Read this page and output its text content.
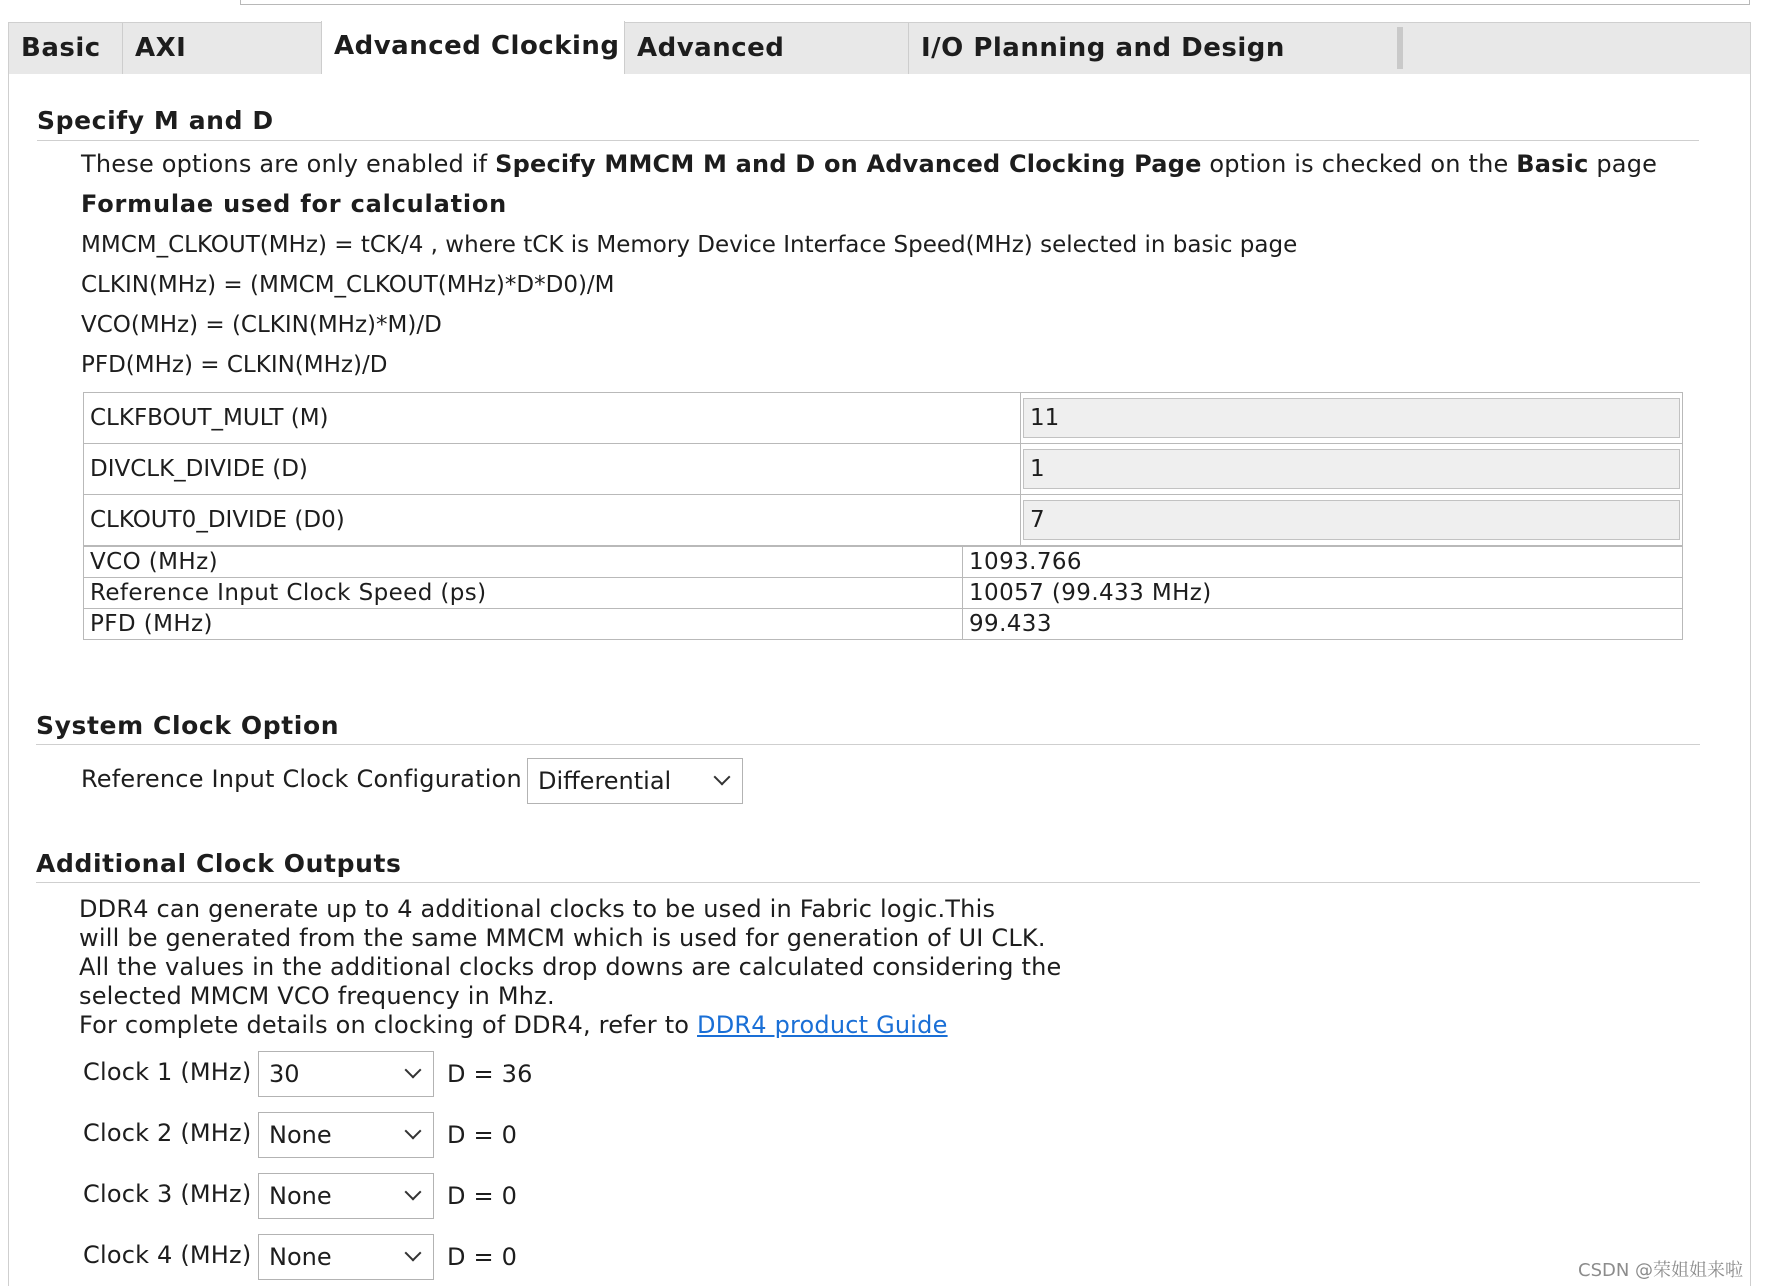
Basic	AXI	Advanced Clocking Advanced	I/O Planning and Design
Specify M and D
These options are only enabled if Specify MMCM M and D on Advanced Clocking Page option is checked on the Basic page
Formulae used for calculation
MMCM_CLKOUT(MHz) = tCK/4 , where tCK is Memory Device Interface Speed(MHz) selected in basic page
CLKIN(MHz) = (MMCM_CLKOUT(MHz)*D*D0)/M
VCO(MHz) = (CLKIN(MHz)*M)/D
PFD(MHz) = CLKIN(MHz)/D
CLKFBOUT_MULT (M)	11

DIVCLK_DIVIDE (D)	1

CLKOUT0_DIVIDE (D0)	7
VCO (MHz)	1093.766
Reference Input Clock Speed (ps)	10057 (99.433 MHz)
PFD (MHz)	99.433
System Clock Option
Reference Input Clock Configuration Differential
Additional Clock Outputs
DDR4 can generate up to 4 additional clocks to be used in Fabric logic.This
will be generated from the same MMCM which is used for generation of UI CLK.
All the values in the additional clocks drop downs are calculated considering the
selected MMCM VCO frequency in Mhz.
For complete details on clocking of DDR4, refer to DDR4 product Guide
Clock 1 (MHz) 30	D = 36
Clock 2 (MHz) None	D = 0
Clock 3 (MHz) None	D = 0
Clock 4 (MHz) None	D = 0	CSDN @荣姐姐来啦
